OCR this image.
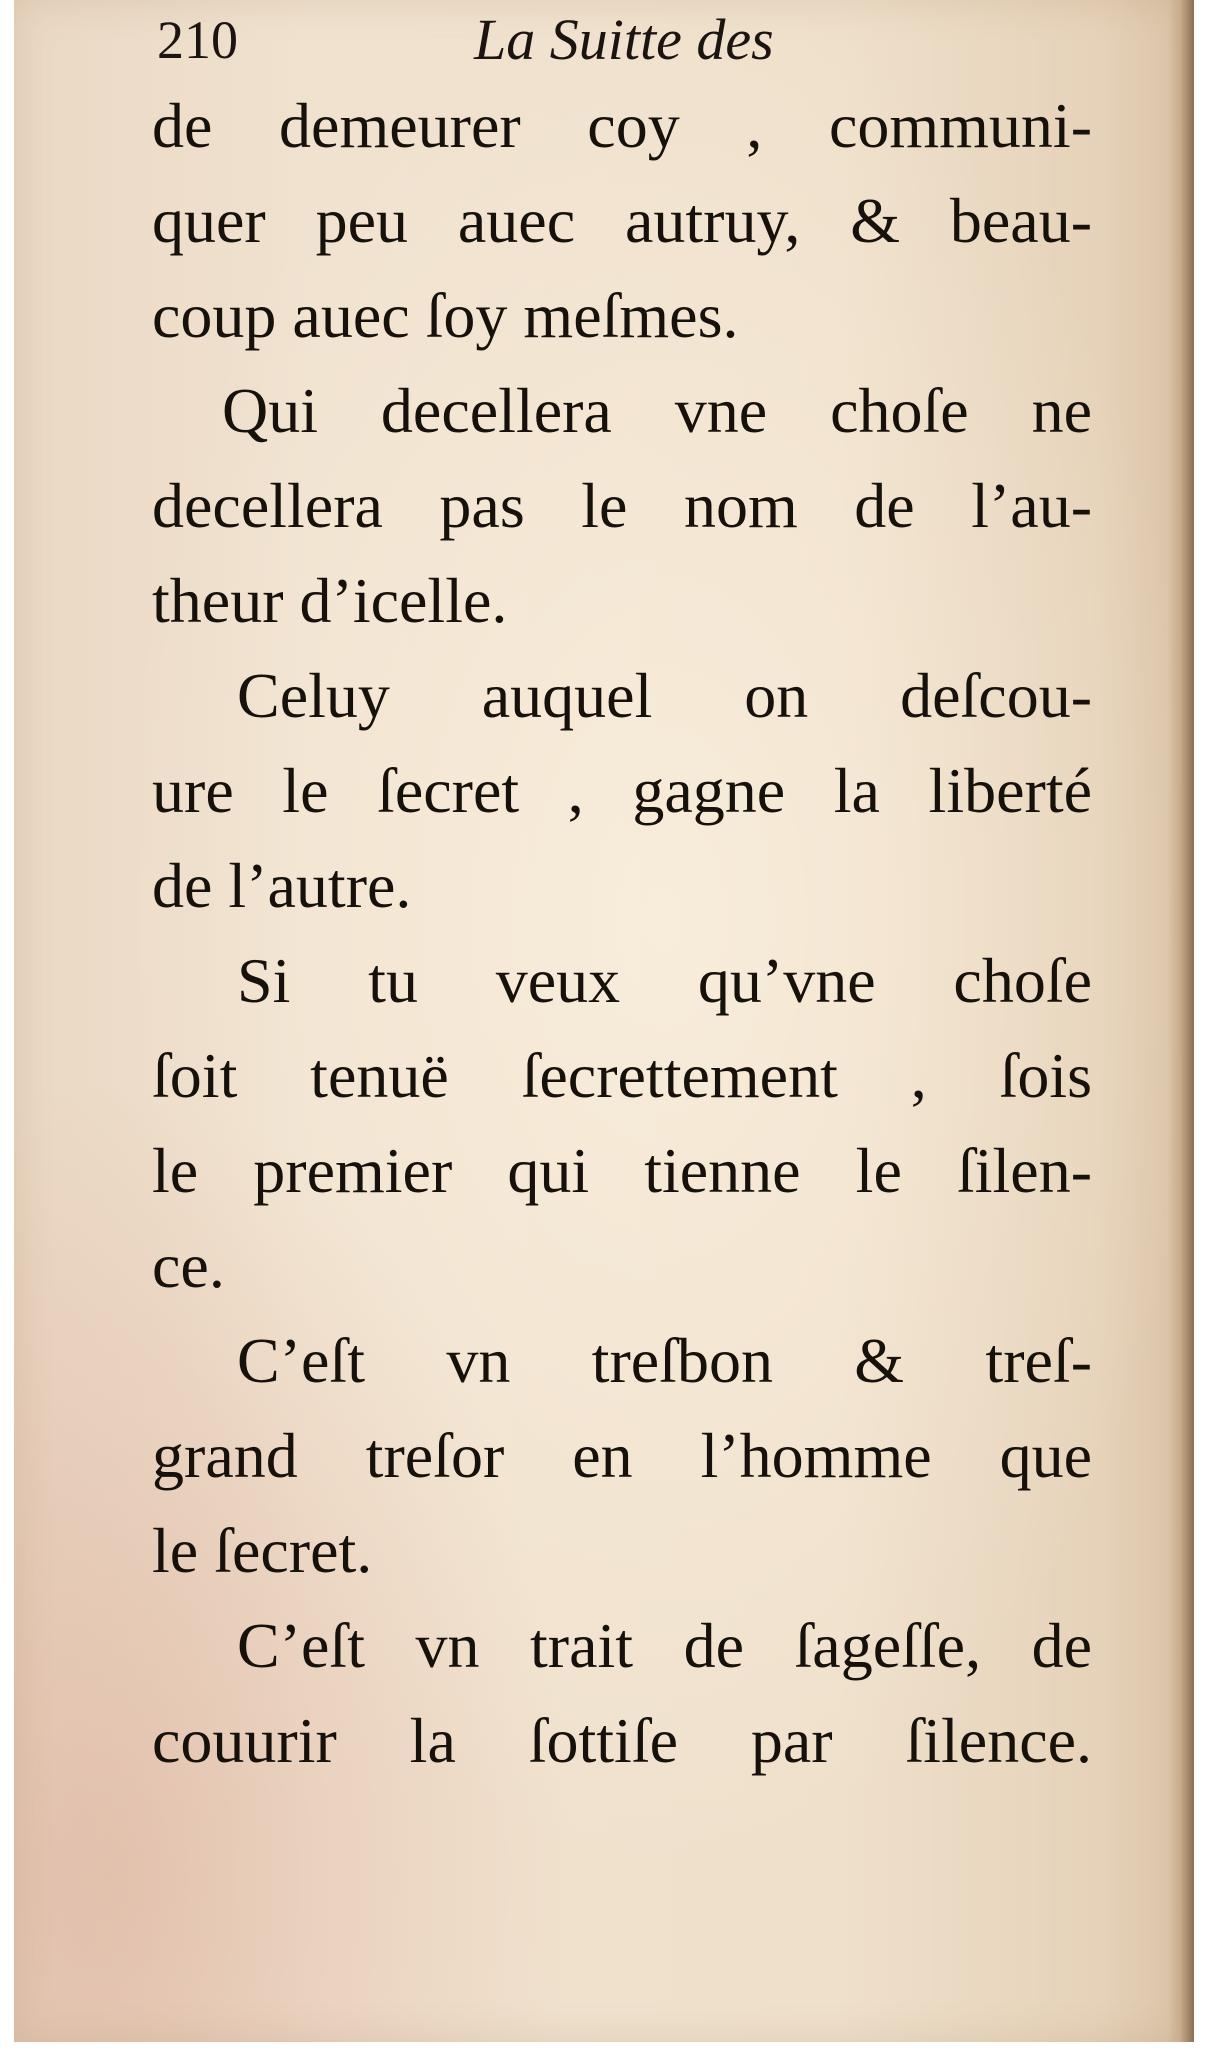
210	La Suitte des

de demeurer coy , communi-
quer peu auec autruy, & beau-
coup auec ſoy meſmes.

Qui decellera vne choſe ne
decellera pas le nom de l’au-
theur d’icelle.

Celuy auquel on deſcou-
ure le ſecret , gagne la liberté
de l’autre.

Si tu veux qu’vne choſe
ſoit tenuë ſecrettement , ſois
le premier qui tienne le ſilen-
ce.

C’eſt vn treſbon & treſ-
grand treſor en l’homme que
le ſecret.

C’eſt vn trait de ſageſſe, de
couurir la ſottiſe par ſilence.
